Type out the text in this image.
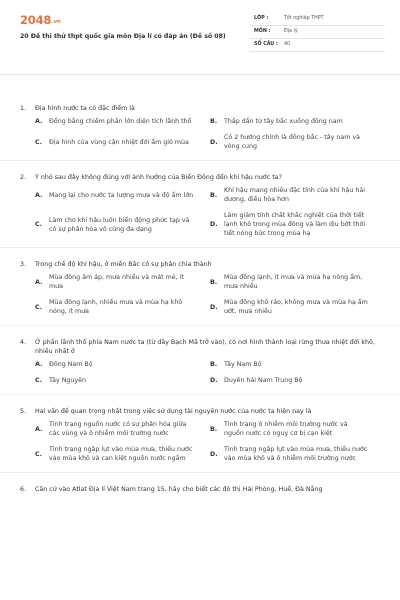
2048.vn
20 Đề thi thử thpt quốc gia môn Địa lí có đáp án (Đề số 08)
LỚP :	Tốt nghiệp THPT
MÔN :	Địa lý
SỐ CÂU : 40
1. Địa hình nước ta có đặc điểm là
A.	Đồng bằng chiếm phần lớn diện tích lãnh thổ	B.	Thấp dần từ tây bắc xuống đông nam
C.	Địa hình của vùng cận nhiệt đới ẩm gió mùa	D.
Có 2 hướng chính là đông bắc - tây nam và vòng cung
2. Ý nhỏ sau đây không đúng với ảnh hưởng của Biển Đông đến khí hậu nước ta?
A.	Mang lại cho nước ta lượng mưa và độ ẩm lớn	B.
Khí hậu mang nhiều đặc tính của khí hậu hải dương, điều hòa hơn
C.
Làm cho khí hậu luôn biến động phức tạp và có sự phân hóa vô cùng đa dạng
D.
Làm giảm tính chất khắc nghiệt của thời tiết lạnh khô trong mùa đông và làm dịu bớt thời tiết nóng bức trong mùa hạ
3. Trong chế độ khí hậu, ở miền Bắc có sự phân chia thành
A.
Mùa đông ấm áp, mưa nhiều và mát mẻ, ít mưa
B.
Mùa đông lạnh, ít mưa và mùa hạ nóng ẩm, mưa nhiều
C.
Mùa đông lạnh, nhiều mưa và mùa hạ khô nóng, ít mưa
D.
Mùa đông khô ráo, không mưa và mùa hạ ẩm ướt, mưa nhiều
4. Ở phần lãnh thổ phía Nam nước ta (từ dãy Bạch Mã trở vào), có nơi hình thành loại rừng thưa nhiệt đới khô, nhiều nhất ở
A.	Đông Nam Bộ	B.	Tây Nam Bộ
C.	Tây Nguyên	D.	Duyên hải Nam Trung Bộ
5. Hai vấn đề quan trọng nhất trong việc sử dụng tài nguyên nước của nước ta hiện nay là
A.
Tình trạng nguồn nước có sự phân hóa giữa các vùng và ô nhiễm môi trường nước
B.
Tình trạng ô nhiễm môi trường nước và nguồn nước có nguy cơ bị cạn kiệt
C.
Tình trạng ngập lụt vào mùa mưa, thiếu nước vào mùa khô và cạn kiệt nguồn nước ngầm
D.
Tình trạng ngập lụt vào mùa mưa, thiếu nước vào mùa khô và ô nhiễm môi trường nước
6. Căn cứ vào Atlat Địa lí Việt Nam trang 15, hãy cho biết các đô thị Hải Phòng, Huế, Đà Nẵng
